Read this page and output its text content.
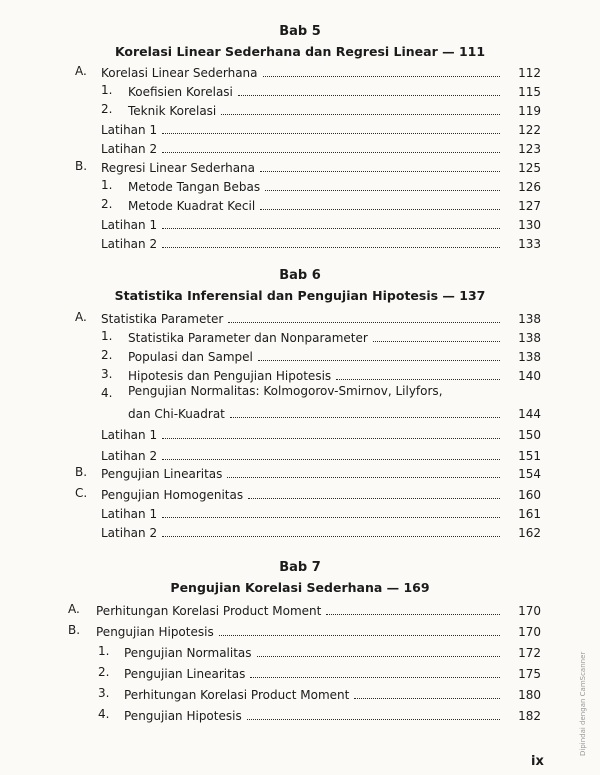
Bab 5
Korelasi Linear Sederhana dan Regresi Linear — 111
A.	Korelasi Linear Sederhana	112
1.	Koefisien Korelasi	115
2.	Teknik Korelasi	119
Latihan 1	122
Latihan 2	123
B.	Regresi Linear Sederhana	125
1.	Metode Tangan Bebas	126
2.	Metode Kuadrat Kecil	127
Latihan 1	130
Latihan 2	133
Bab 6
Statistika Inferensial dan Pengujian Hipotesis — 137
A.	Statistika Parameter	138
1.	Statistika Parameter dan Nonparameter	138
2.	Populasi dan Sampel	138
3.	Hipotesis dan Pengujian Hipotesis	140
4.	Pengujian Normalitas: Kolmogorov-Smirnov, Lilyfors,
dan Chi-Kuadrat	144
Latihan 1	150
Latihan 2	151
B.	Pengujian Linearitas	154
C.	Pengujian Homogenitas	160
Latihan 1	161
Latihan 2	162
Bab 7
Pengujian Korelasi Sederhana — 169
A.	Perhitungan Korelasi Product Moment	170
B.	Pengujian Hipotesis	170
1.	Pengujian Normalitas	172
2.	Pengujian Linearitas	175
3.	Perhitungan Korelasi Product Moment	180
4.	Pengujian Hipotesis	182
ix
Dipindai dengan CamScanner
